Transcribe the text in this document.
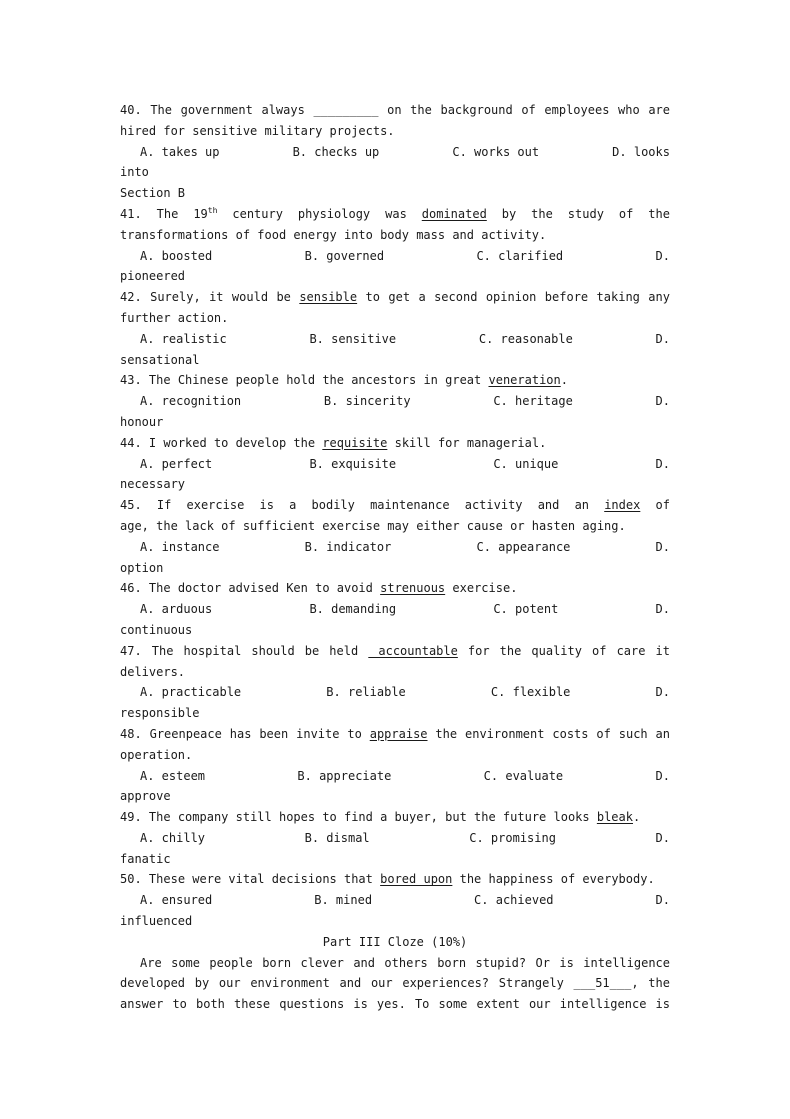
40. The government always _________ on the background of employees who are
hired for sensitive military projects.
A. takes up	B. checks up	C. works out	D. looks
into
Section B
41. The 19th century physiology was dominated by the study of the
transformations of food energy into body mass and activity.
A. boosted	B. governed	C. clarified	D.
pioneered
42. Surely, it would be sensible to get a second opinion before taking any
further action.
A. realistic	B. sensitive	C. reasonable	D.
sensational
43. The Chinese people hold the ancestors in great veneration.
A. recognition	B. sincerity	C. heritage	D.
honour
44. I worked to develop the requisite skill for managerial.
A. perfect	B. exquisite	C. unique	D.
necessary
45. If exercise is a bodily maintenance activity and an index of
age, the lack of sufficient exercise may either cause or hasten aging.
A. instance	B. indicator	C. appearance	D.
option
46. The doctor advised Ken to avoid strenuous exercise.
A. arduous	B. demanding	C. potent	D.
continuous
47. The hospital should be held  accountable for the quality of care it
delivers.
A. practicable	B. reliable	C. flexible	D.
responsible
48. Greenpeace has been invite to appraise the environment costs of such an
operation.
A. esteem	B. appreciate	C. evaluate	D.
approve
49. The company still hopes to find a buyer, but the future looks bleak.
A. chilly	B. dismal	C. promising	D.
fanatic
50. These were vital decisions that bored upon the happiness of everybody.
A. ensured	B. mined	C. achieved	D.
influenced
Part III Cloze (10%)
Are some people born clever and others born stupid? Or is intelligence
developed by our environment and our experiences? Strangely ___51___, the
answer to both these questions is yes. To some extent our intelligence is
